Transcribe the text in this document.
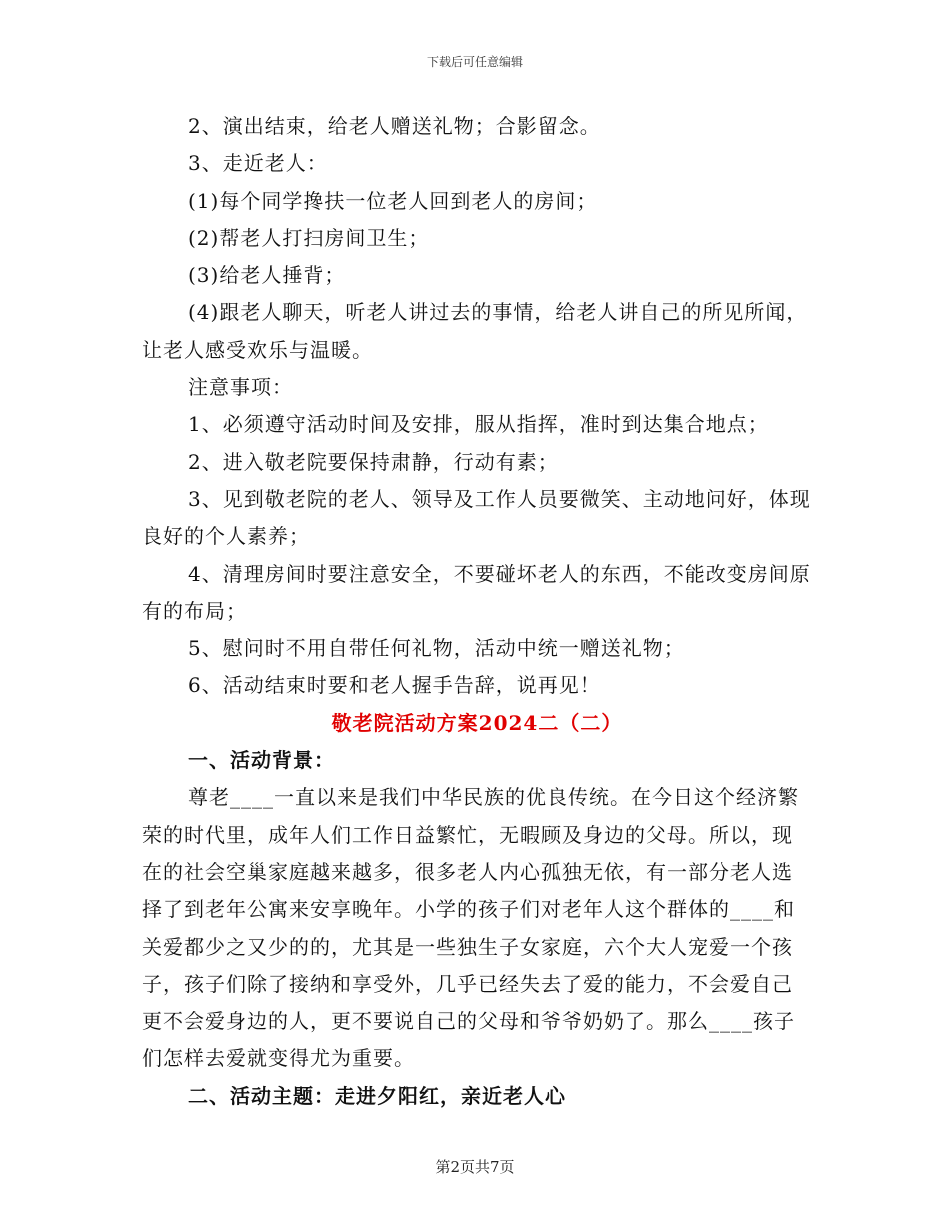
下载后可任意编辑

2、演出结束，给老人赠送礼物；合影留念。

3、走近老人：

(1)每个同学搀扶一位老人回到老人的房间；

(2)帮老人打扫房间卫生；

(3)给老人捶背；

(4)跟老人聊天，听老人讲过去的事情，给老人讲自己的所见所闻，让老人感受欢乐与温暖。

注意事项：

1、必须遵守活动时间及安排，服从指挥，准时到达集合地点；

2、进入敬老院要保持肃静，行动有素；

3、见到敬老院的老人、领导及工作人员要微笑、主动地问好，体现良好的个人素养；

4、清理房间时要注意安全，不要碰坏老人的东西，不能改变房间原有的布局；

5、慰问时不用自带任何礼物，活动中统一赠送礼物；

6、活动结束时要和老人握手告辞，说再见！

敬老院活动方案2024二（二）

一、活动背景：

尊老____一直以来是我们中华民族的优良传统。在今日这个经济繁荣的时代里，成年人们工作日益繁忙，无暇顾及身边的父母。所以，现在的社会空巢家庭越来越多，很多老人内心孤独无依，有一部分老人选择了到老年公寓来安享晚年。小学的孩子们对老年人这个群体的____和关爱都少之又少的的，尤其是一些独生子女家庭，六个大人宠爱一个孩子，孩子们除了接纳和享受外，几乎已经失去了爱的能力，不会爱自己更不会爱身边的人，更不要说自己的父母和爷爷奶奶了。那么____孩子们怎样去爱就变得尤为重要。

二、活动主题：走进夕阳红，亲近老人心

第2页共7页
